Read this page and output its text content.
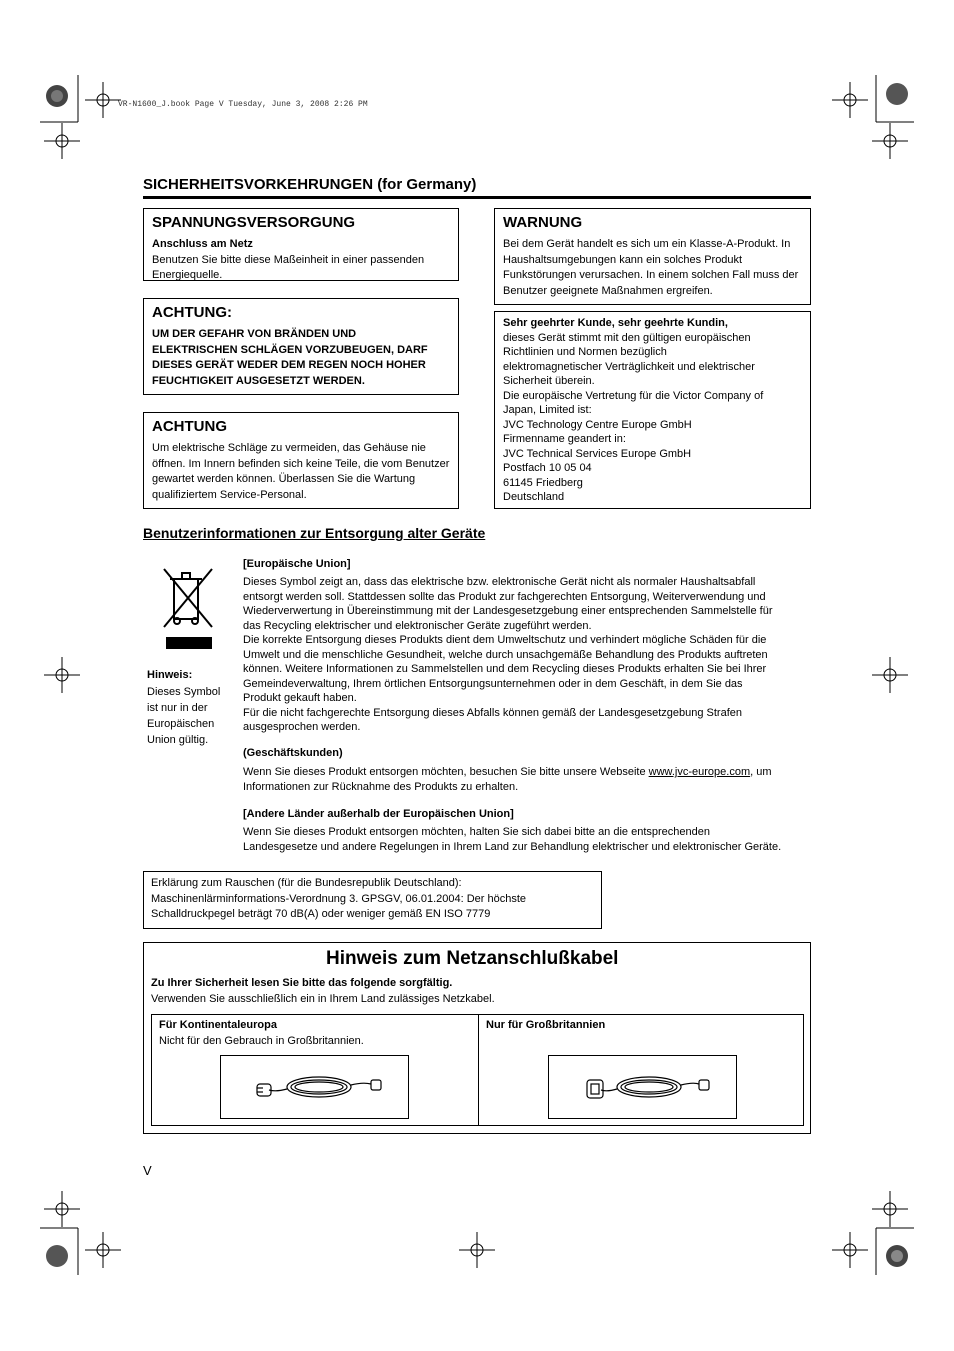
VR-N1600_J.book Page V Tuesday, June 3, 2008 2:26 PM
SICHERHEITSVORKEHRUNGEN (for Germany)
SPANNUNGSVERSORGUNG

Anschluss am Netz

Benutzen Sie bitte diese Maßeinheit in einer passenden Energiequelle.

ACHTUNG:

UM DER GEFAHR VON BRÄNDEN UND

ELEKTRISCHEN SCHLÄGEN VORZUBEUGEN, DARF

DIESES GERÄT WEDER DEM REGEN NOCH HOHER

FEUCHTIGKEIT AUSGESETZT WERDEN.

ACHTUNG

Um elektrische Schläge zu vermeiden, das Gehäuse nie öffnen. Im Innern befinden sich keine Teile, die vom Benutzer gewartet werden können. Überlassen Sie die Wartung qualifiziertem Service-Personal.

WARNUNG

Bei dem Gerät handelt es sich um ein Klasse-A-Produkt. In Haushaltsumgebungen kann ein solches Produkt Funkstörungen verursachen. In einem solchen Fall muss der Benutzer geeignete Maßnahmen ergreifen.

Sehr geehrter Kunde, sehr geehrte Kundin,

dieses Gerät stimmt mit den gültigen europäischen

Richtlinien und Normen bezüglich

elektromagnetischer Verträglichkeit und elektrischer

Sicherheit überein.

Die europäische Vertretung für die Victor Company of

Japan, Limited ist:

JVC Technology Centre Europe GmbH

Firmenname geandert in:

JVC Technical Services Europe GmbH

Postfach 10 05 04

61145 Friedberg

Deutschland

Benutzerinformationen zur Entsorgung alter Geräte
Hinweis:
Dieses Symbol
ist nur in der
Europäischen
Union gültig.
[Europäische Union]
Dieses Symbol zeigt an, dass das elektrische bzw. elektronische Gerät nicht als normaler Haushaltsabfall
entsorgt werden soll. Stattdessen sollte das Produkt zur fachgerechten Entsorgung, Weiterverwendung und
Wiederverwertung in Übereinstimmung mit der Landesgesetzgebung einer entsprechenden Sammelstelle für
das Recycling elektrischer und elektronischer Geräte zugeführt werden.
Die korrekte Entsorgung dieses Produkts dient dem Umweltschutz und verhindert mögliche Schäden für die
Umwelt und die menschliche Gesundheit, welche durch unsachgemäße Behandlung des Produkts auftreten
können. Weitere Informationen zu Sammelstellen und dem Recycling dieses Produkts erhalten Sie bei Ihrer
Gemeindeverwaltung, Ihrem örtlichen Entsorgungsunternehmen oder in dem Geschäft, in dem Sie das
Produkt gekauft haben.
Für die nicht fachgerechte Entsorgung dieses Abfalls können gemäß der Landesgesetzgebung Strafen
ausgesprochen werden.
(Geschäftskunden)
Wenn Sie dieses Produkt entsorgen möchten, besuchen Sie bitte unsere Webseite www.jvc-europe.com, um
Informationen zur Rücknahme des Produkts zu erhalten.
[Andere Länder außerhalb der Europäischen Union]
Wenn Sie dieses Produkt entsorgen möchten, halten Sie sich dabei bitte an die entsprechenden
Landesgesetze und andere Regelungen in Ihrem Land zur Behandlung elektrischer und elektronischer Geräte.

Erklärung zum Rauschen (für die Bundesrepublik Deutschland):

Maschinenlärminformations-Verordnung 3. GPSGV, 06.01.2004: Der höchste

Schalldruckpegel beträgt 70 dB(A) oder weniger gemäß EN ISO 7779

Hinweis zum Netzanschlußkabel
Zu Ihrer Sicherheit lesen Sie bitte das folgende sorgfältig.
Verwenden Sie ausschließlich ein in Ihrem Land zulässiges Netzkabel.
Für Kontinentaleuropa
Nicht für den Gebrauch in Großbritannien.
Nur für Großbritannien
V
